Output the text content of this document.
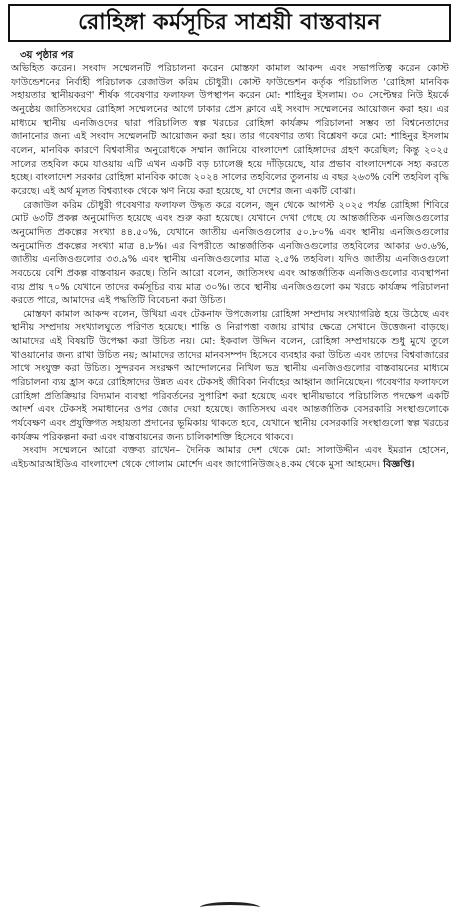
রোহিঙ্গা কর্মসূচির সাশ্রয়ী বাস্তবায়ন
৩য় পৃষ্ঠার পর

অভিহিত করেন। সংবাদ সম্মেলনটি পরিচালনা করেন মোস্তফা কামাল আকন্দ এবং সভাপতিত্ব করেন কোস্ট ফাউন্ডেশনের নির্বাহী পরিচালক রেজাউল করিম চৌধুরী। কোস্ট ফাউন্ডেশন কর্তৃক পরিচালিত 'রোহিঙ্গা মানবিক সহায়তার স্থানীয়করণ' শীর্ষক গবেষণার ফলাফল উপস্থাপন করেন মো: শাহিনুর ইসলাম। ৩০ সেপ্টেম্বর নিউ ইয়র্কে অনুষ্ঠেয় জাতিসংঘের রোহিঙ্গা সম্মেলনের আগে ঢাকার প্রেস ক্লাবে এই সংবাদ সম্মেলনের আয়োজন করা হয়। এর মাধ্যমে স্থানীয় এনজিওদের দ্বারা পরিচালিত স্বল্প খরচের রোহিঙ্গা কার্যক্রম পরিচালনা সম্ভব তা বিশ্বনেতাদের জানানোর জন্য এই সংবাদ সম্মেলনটি আয়োজন করা হয়। তার গবেষণার তথ্য বিশ্লেষণ করে মো: শাহিনুর ইসলাম বলেন, মানবিক কারণে বিশ্ববাসীর অনুরোধকে সম্মান জানিয়ে বাংলাদেশ রোহিঙ্গাদের গ্রহণ করেছিল; কিন্তু ২০২৫ সালের তহবিল কমে যাওয়ায় এটি এখন একটি বড় চ্যালেঞ্জ হয়ে দাঁড়িয়েছে, যার প্রভাব বাংলাদেশকে সহ্য করতে হচ্ছে। বাংলাদেশ সরকার রোহিঙ্গা মানবিক কাজে ২০২৪ সালের তহবিলের তুলনায় এ বছর ২৬৩% বেশি তহবিল বৃদ্ধি করেছে। এই অর্থ মূলত বিশ্বব্যাংক থেকে ঋণ নিয়ে করা হয়েছে, যা দেশের জন্য একটি বোঝা।

রেজাউল করিম চৌধুরী গবেষণার ফলাফল উদ্ধৃত করে বলেন, জুন থেকে আগস্ট ২০২৫ পর্যন্ত রোহিঙ্গা শিবিরে মোট ৬৩টি প্রকল্প অনুমোদিত হয়েছে এবং শুরু করা হয়েছে। যেখানে দেখা গেছে যে আন্তর্জাতিক এনজিওগুলোর অনুমোদিত প্রকল্পের সংখ্যা ৪৪.৫০%, যেখানে জাতীয় এনজিওগুলোর ৫০.৮০% এবং স্থানীয় এনজিওগুলোর অনুমোদিত প্রকল্পের সংখ্যা মাত্র ৪.৮%। এর বিপরীতে আন্তর্জাতিক এনজিওগুলোর তহবিলের আকার ৬৩.৬%, জাতীয় এনজিওগুলোর ৩৩.৯% এবং স্থানীয় এনজিওগুলোর মাত্র ২.৫% তহবিল। যদিও জাতীয় এনজিওগুলো সবচেয়ে বেশি প্রকল্প বাস্তবায়ন করছে। তিনি আরো বলেন, জাতিসংঘ এবং আন্তর্জাতিক এনজিওগুলোর ব্যবস্থাপনা ব্যয় প্রায় ৭০% যেখানে তাদের কর্মসূচির ব্যয় মাত্র ৩০%। তবে স্থানীয় এনজিওগুলো কম খরচে কার্যক্রম পরিচালনা করতে পারে, আমাদের এই পদ্ধতিটি বিবেচনা করা উচিত।

মোস্তফা কামাল আকন্দ বলেন, উখিয়া এবং টেকনাফ উপজেলায় রোহিঙ্গা সম্প্রদায় সংখ্যাগরিষ্ঠ হয়ে উঠেছে এবং স্থানীয় সম্প্রদায় সংখ্যালঘুতে পরিণত হয়েছে। শান্তি ও নিরাপত্তা বজায় রাখার ক্ষেত্রে সেখানে উত্তেজনা বাড়ছে। আমাদের এই বিষয়টি উপেক্ষা করা উচিত নয়। মো: ইকবাল উদ্দিন বলেন, রোহিঙ্গা সম্প্রদায়কে শুধু মুখে তুলে খাওয়ানোর জন্য রাখা উচিত নয়; আমাদের তাদের মানবসম্পদ হিসেবে ব্যবহার করা উচিত এবং তাদের বিশ্ববাজারের সাথে সংযুক্ত করা উচিত। সুন্দরবন সংরক্ষণ আন্দোলনের নিখিল ভদ্র স্থানীয় এনজিওগুলোর বাস্তবায়নের মাধ্যমে পরিচালনা ব্যয় হ্রাস করে রোহিঙ্গাদের উন্নত এবং টেকসই জীবিকা নির্বাহের আহ্বান জানিয়েছেন। গবেষণার ফলাফলে রোহিঙ্গা প্রতিক্রিয়ার বিদ্যমান ব্যবস্থা পরিবর্তনের সুপারিশ করা হয়েছে এবং স্থানীয়ভাবে পরিচালিত পদক্ষেপ একটি আদর্শ এবং টেকসই সমাধানের ওপর জোর দেয়া হয়েছে। জাতিসংঘ এবং আন্তর্জাতিক বেসরকারি সংস্থাগুলোকে পর্যবেক্ষণ এবং প্রযুক্তিগত সহায়তা প্রদানের ভূমিকায় থাকতে হবে, যেখানে স্থানীয় বেসরকারি সংস্থাগুলো স্বল্প খরচের কার্যক্রম পরিকল্পনা করা এবং বাস্তবায়নের জন্য চালিকাশক্তি হিসেবে থাকবে।

সংবাদ সম্মেলনে আরো বক্তব্য রাখেন– দৈনিক আমার দেশ থেকে মো: সালাউদ্দীন এবং ইমরান হোসেন, এইচআরআইডিএ বাংলাদেশ থেকে গোলাম মোর্শেদ এবং জাগোনিউজ২৪.কম থেকে মুসা আহমেদ। বিজ্ঞপ্তি।
